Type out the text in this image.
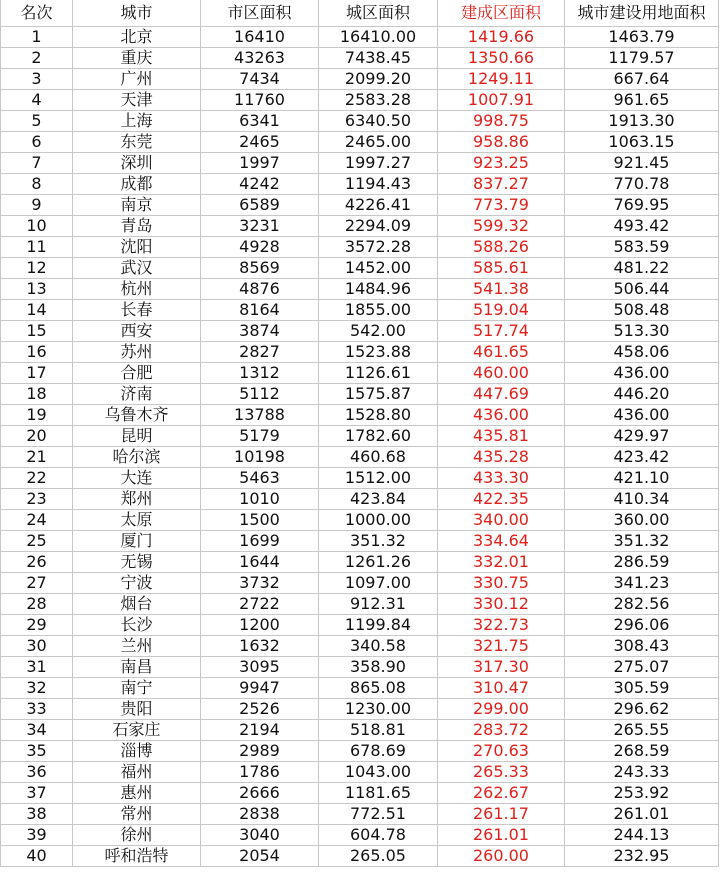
名次	城市	市区面积	城区面积	建成区面积	城市建设用地面积
1	北京	16410	16410.00	1419.66	1463.79
2	重庆	43263	7438.45	1350.66	1179.57
3	广州	7434	2099.20	1249.11	667.64
4	天津	11760	2583.28	1007.91	961.65
5	上海	6341	6340.50	998.75	1913.30
6	东莞	2465	2465.00	958.86	1063.15
7	深圳	1997	1997.27	923.25	921.45
8	成都	4242	1194.43	837.27	770.78
9	南京	6589	4226.41	773.79	769.95
10	青岛	3231	2294.09	599.32	493.42
11	沈阳	4928	3572.28	588.26	583.59
12	武汉	8569	1452.00	585.61	481.22
13	杭州	4876	1484.96	541.38	506.44
14	长春	8164	1855.00	519.04	508.48
15	西安	3874	542.00	517.74	513.30
16	苏州	2827	1523.88	461.65	458.06
17	合肥	1312	1126.61	460.00	436.00
18	济南	5112	1575.87	447.69	446.20
19	乌鲁木齐	13788	1528.80	436.00	436.00
20	昆明	5179	1782.60	435.81	429.97
21	哈尔滨	10198	460.68	435.28	423.42
22	大连	5463	1512.00	433.30	421.10
23	郑州	1010	423.84	422.35	410.34
24	太原	1500	1000.00	340.00	360.00
25	厦门	1699	351.32	334.64	351.32
26	无锡	1644	1261.26	332.01	286.59
27	宁波	3732	1097.00	330.75	341.23
28	烟台	2722	912.31	330.12	282.56
29	长沙	1200	1199.84	322.73	296.06
30	兰州	1632	340.58	321.75	308.43
31	南昌	3095	358.90	317.30	275.07
32	南宁	9947	865.08	310.47	305.59
33	贵阳	2526	1230.00	299.00	296.62
34	石家庄	2194	518.81	283.72	265.55
35	淄博	2989	678.69	270.63	268.59
36	福州	1786	1043.00	265.33	243.33
37	惠州	2666	1181.65	262.67	253.92
38	常州	2838	772.51	261.17	261.01
39	徐州	3040	604.78	261.01	244.13
40	呼和浩特	2054	265.05	260.00	232.95
